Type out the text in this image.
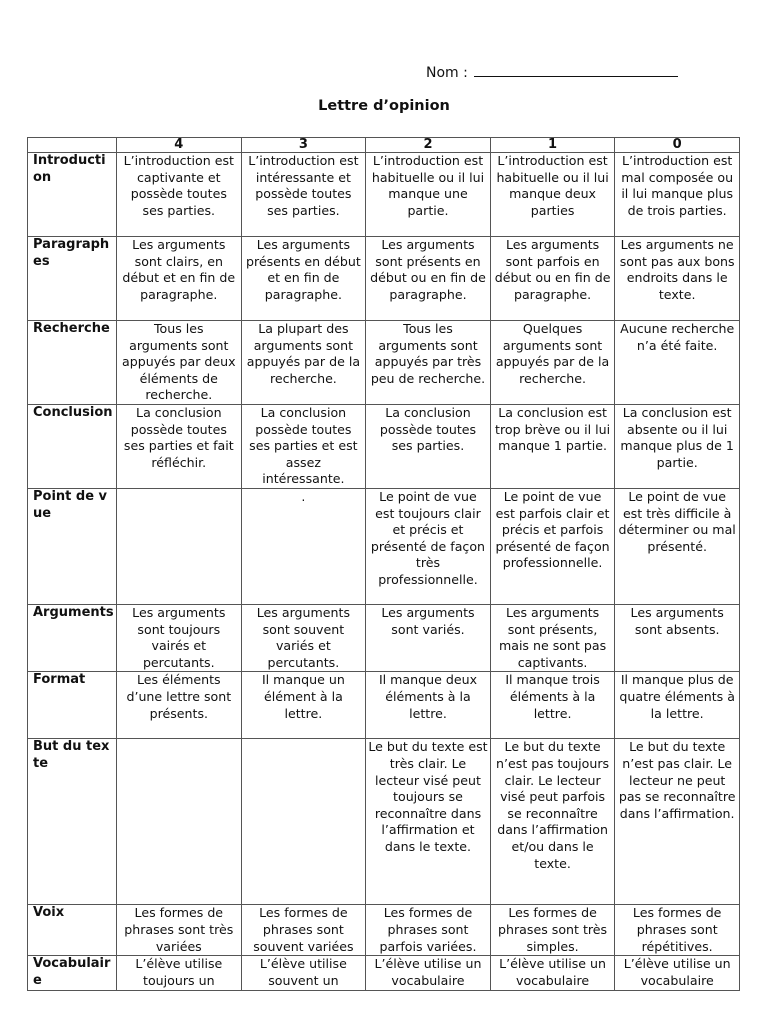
Nom :
Lettre d’opinion
	4	3	2	1	0
Introduction	L’introduction est captivante et possède toutes ses parties.	L’introduction est intéressante et possède toutes ses parties.	L’introduction est habituelle ou il lui manque une partie.	L’introduction est habituelle ou il lui manque deux parties	L’introduction est mal composée ou il lui manque plus de trois parties.
Paragraphes	Les arguments sont clairs, en début et en fin de paragraphe.	Les arguments présents en début et en fin de paragraphe.	Les arguments sont présents en début ou en fin de paragraphe.	Les arguments sont parfois en début ou en fin de paragraphe.	Les arguments ne sont pas aux bons endroits dans le texte.
Recherche	Tous les arguments sont appuyés par deux éléments de recherche.	La plupart des arguments sont appuyés par de la recherche.	Tous les arguments sont appuyés par très peu de recherche.	Quelques arguments sont appuyés par de la recherche.	Aucune recherche n’a été faite.
Conclusion	La conclusion possède toutes ses parties et fait réfléchir.	La conclusion possède toutes ses parties et est assez intéressante.	La conclusion possède toutes ses parties.	La conclusion est trop brève ou il lui manque 1 partie.	La conclusion est absente ou il lui manque plus de 1 partie.
Point de vue		.	Le point de vue est toujours clair et précis et présenté de façon très professionnelle.	Le point de vue est parfois clair et précis et parfois présenté de façon professionnelle.	Le point de vue est très difficile à déterminer ou mal présenté.
Arguments	Les arguments sont toujours vairés et percutants.	Les arguments sont souvent variés et percutants.	Les arguments sont variés.	Les arguments sont présents, mais ne sont pas captivants.	Les arguments sont absents.
Format	Les éléments d’une lettre sont présents.	Il manque un élément à la lettre.	Il manque deux éléments à la lettre.	Il manque trois éléments à la lettre.	Il manque plus de quatre éléments à la lettre.
But du texte			Le but du texte est très clair. Le lecteur visé peut toujours se reconnaître dans l’affirmation et dans le texte.	Le but du texte n’est pas toujours clair. Le lecteur visé peut parfois se reconnaître dans l’affirmation et/ou dans le texte.	Le but du texte n’est pas clair. Le lecteur ne peut pas se reconnaître dans l’affirmation.
Voix	Les formes de phrases sont très variées	Les formes de phrases sont souvent variées	Les formes de phrases sont parfois variées.	Les formes de phrases sont très simples.	Les formes de phrases sont répétitives.
Vocabulaire	L’élève utilise toujours un	L’élève utilise souvent un	L’élève utilise un vocabulaire	L’élève utilise un vocabulaire	L’élève utilise un vocabulaire
